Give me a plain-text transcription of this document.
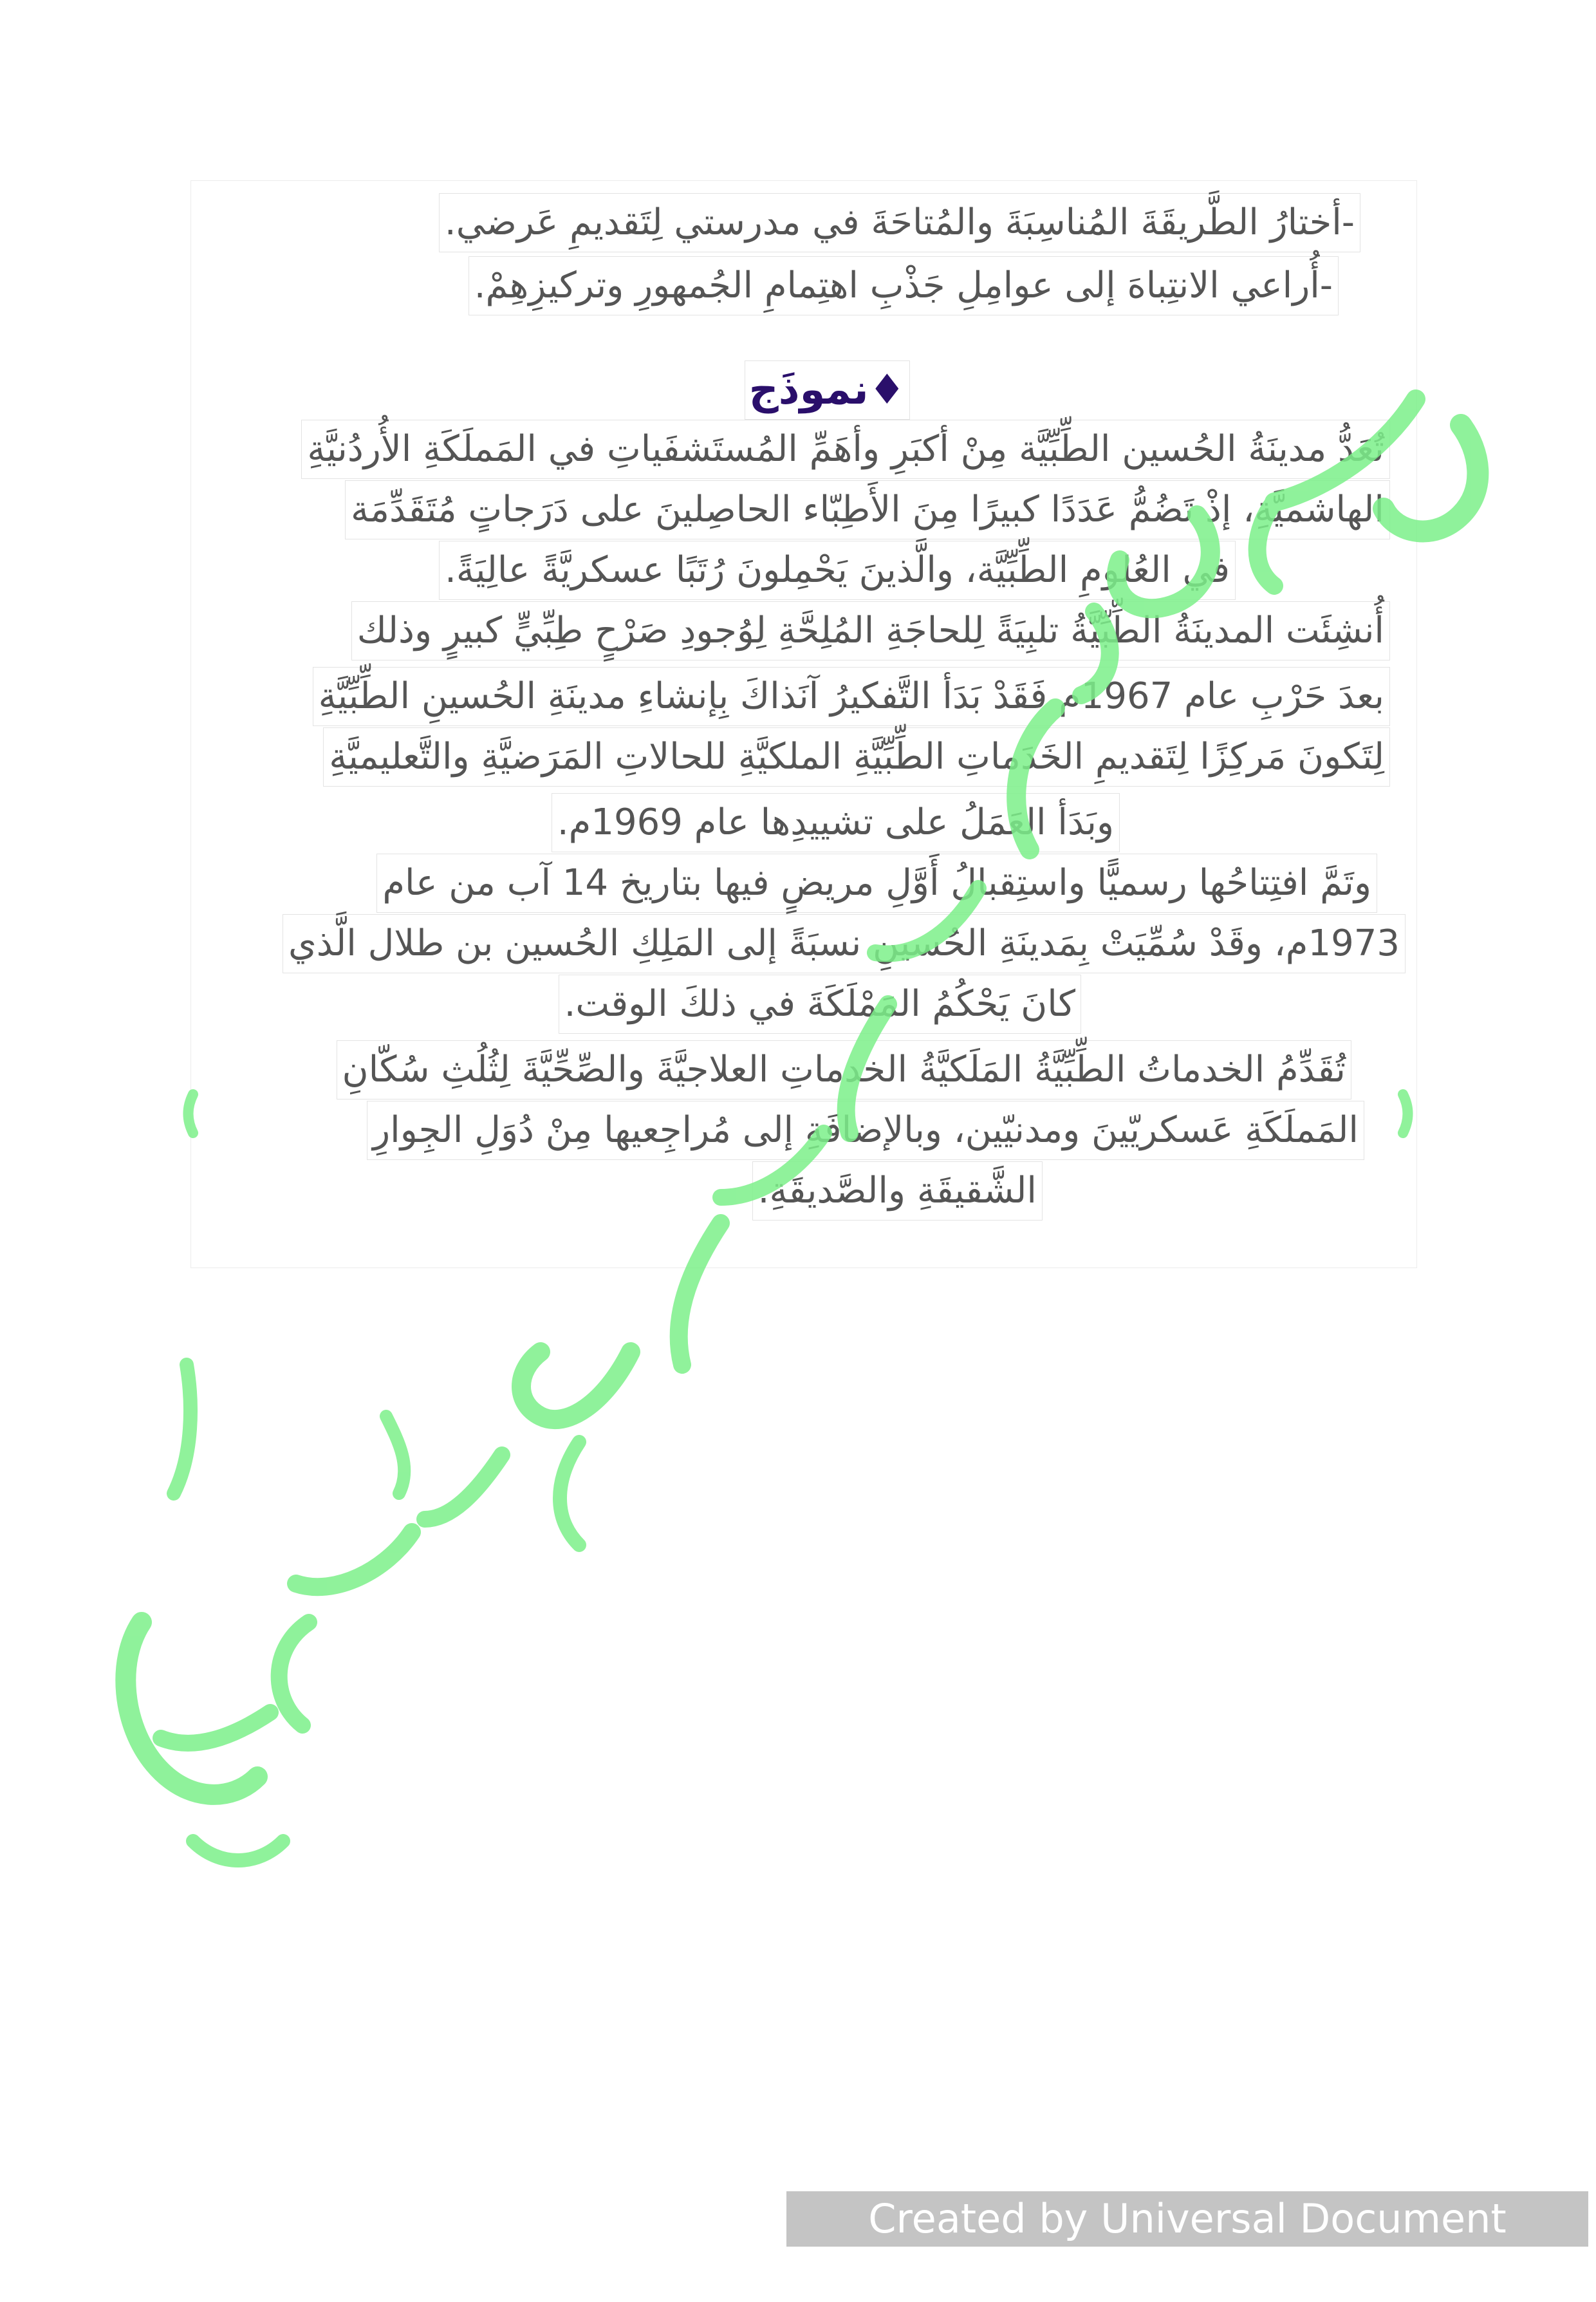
-أختارُ الطَّريقَةَ المُناسِبَةَ والمُتاحَةَ في مدرستي لِتَقديمِ عَرضي.
-أُراعي الانتِباهَ إلى عوامِلِ جَذْبِ اهتِمامِ الجُمهورِ وتركيزِهِمْ.
♦نموذَج
تُعَدُّ مدينَةُ الحُسين الطِّبِّيَّة مِنْ أكبَرِ وأهَمِّ المُستَشفَياتِ في المَملَكَةِ الأُردُنيَّةِ
الهاشميَّةِ، إذْ تَضُمُّ عَدَدًا كبيرًا مِنَ الأَطِبّاء الحاصِلينَ على دَرَجاتٍ مُتَقَدِّمَة
في العُلومِ الطِّبِّيَّة، والَّذينَ يَحْمِلونَ رُتَبًا عسكريَّةً عالِيَةً.
أُنشِئَت المدينَةُ الطِّبِّيَّةُ تلبِيَةً لِلحاجَةِ المُلِحَّةِ لِوُجودِ صَرْحٍ طِبِّيٍّ كبيرٍ وذلك
بعدَ حَرْبِ عام 1967م فَقَدْ بَدَأ التَّفكيرُ آنَذاكَ بِإنشاءِ مدينَةِ الحُسينِ الطِّبِّيَّةِ
لِتَكونَ مَركِزًا لِتَقديمِ الخَدَماتِ الطِّبِّيَّةِ الملكيَّةِ للحالاتِ المَرَضيَّةِ والتَّعليميَّةِ
وبَدَأ العَمَلُ على تشييدِها عام 1969م.
وتَمَّ افتِتاحُها رسميًّا واستِقبالُ أَوَّلِ مريضٍ فيها بتاريخ 14 آب من عام
1973م، وقَدْ سُمِّيَتْ بِمَدينَةِ الحُسينِ نسبَةً إلى المَلِكِ الحُسين بن طلال الَّذي
كانَ يَحْكُمُ المَمْلَكَةَ في ذلكَ الوقت.
تُقَدِّمُ الخدماتُ الطِّبِّيَّةُ المَلَكيَّةُ الخدماتِ العلاجيَّةَ والصِّحِّيَّةَ لِثُلُثِ سُكّانِ
المَملَكَةِ عَسكريّينَ ومدنيّين، وبالإضافَةِ إلى مُراجِعيها مِنْ دُوَلِ الجِوارِ
الشَّقيقَةِ والصَّديقَةِ.
Created by Universal Document Converter
